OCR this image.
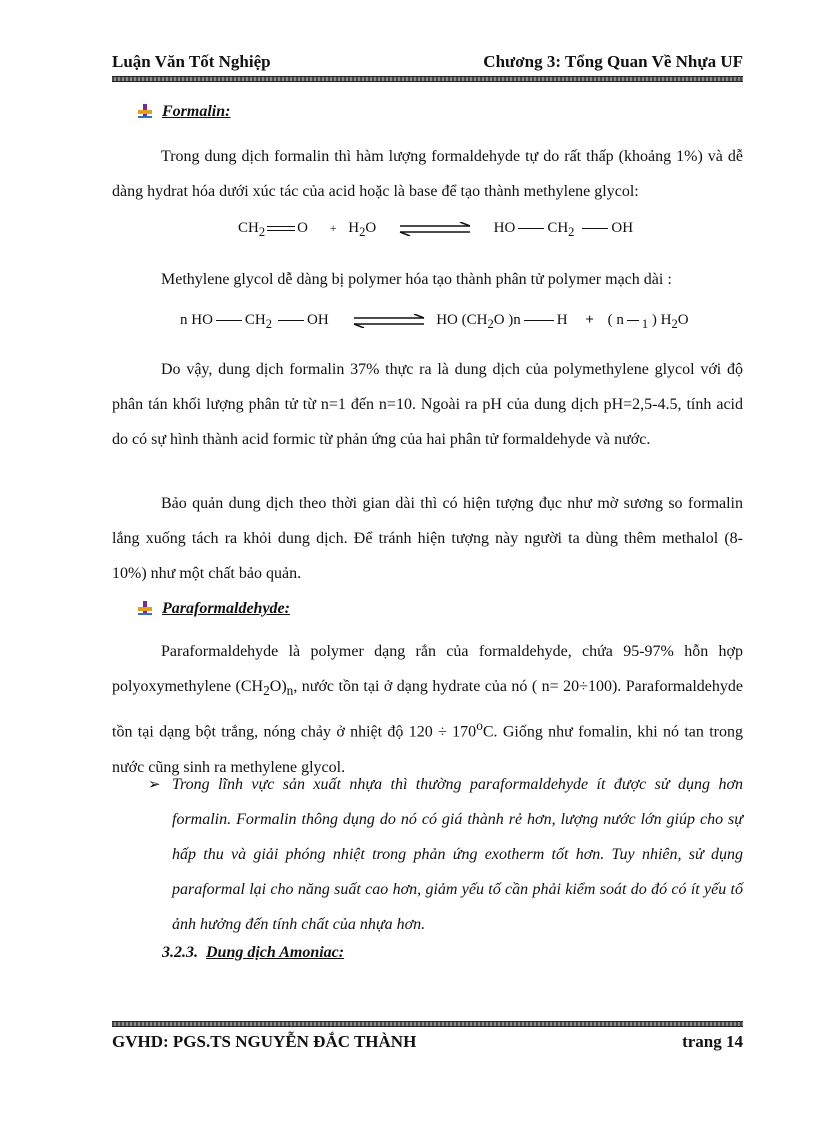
Luận Văn Tốt Nghiệp	Chương 3: Tổng Quan Về Nhựa UF
Formalin:

Trong dung dịch formalin thì hàm lượng formaldehyde tự do rất thấp (khoảng 1%) và dễ dàng hydrat hóa dưới xúc tác của acid hoặc là base để tạo thành methylene glycol:

$CH_2$ $O + H_2O$	HO $CH_2$ OH

Methylene glycol dễ dàng bị polymer hóa tạo thành phân tử polymer mạch dài :

n HO $CH_2$ OH	HO ($CH_2O$ )n H + ( n $_1$ ) $H_2O$

Do vậy, dung dịch formalin 37% thực ra là dung dịch của polymethylene glycol với độ phân tán khối lượng phân tử từ n=1 đến n=10. Ngoài ra pH của dung dịch pH=2,5-4.5, tính acid do có sự hình thành acid formic từ phản ứng của hai phân tử formaldehyde và nước.

Bảo quản dung dịch theo thời gian dài thì có hiện tượng đục như mờ sương so formalin lắng xuống tách ra khỏi dung dịch. Để tránh hiện tượng này người ta dùng thêm methalol (8- 10%) như một chất bảo quản.

Paraformaldehyde:

Paraformaldehyde là polymer dạng rắn của formaldehyde, chứa 95-97% hỗn hợp polyoxymethylene $(CH_2O)_n$, nước tồn tại ở dạng hydrate của nó ( n= 20÷100). Paraformaldehyde tồn tại dạng bột trắng, nóng chảy ở nhiệt độ $120 \div 170^oC$. Giống như fomalin, khi nó tan trong nước cũng sinh ra methylene glycol.

➢ Trong lĩnh vực sản xuất nhựa thì thường paraformaldehyde ít được sử dụng hơn formalin. Formalin thông dụng do nó có giá thành rẻ hơn, lượng nước lớn giúp cho sự hấp thu và giải phóng nhiệt trong phản ứng exotherm tốt hơn. Tuy nhiên, sử dụng paraformal lại cho năng suất cao hơn, giảm yếu tố cần phải kiểm soát do đó có ít yếu tố ảnh hưởng đến tính chất của nhựa hơn.

3.2.3. Dung dịch Amoniac:
GVHD: PGS.TS NGUYỄN ĐẮC THÀNH	trang 14
